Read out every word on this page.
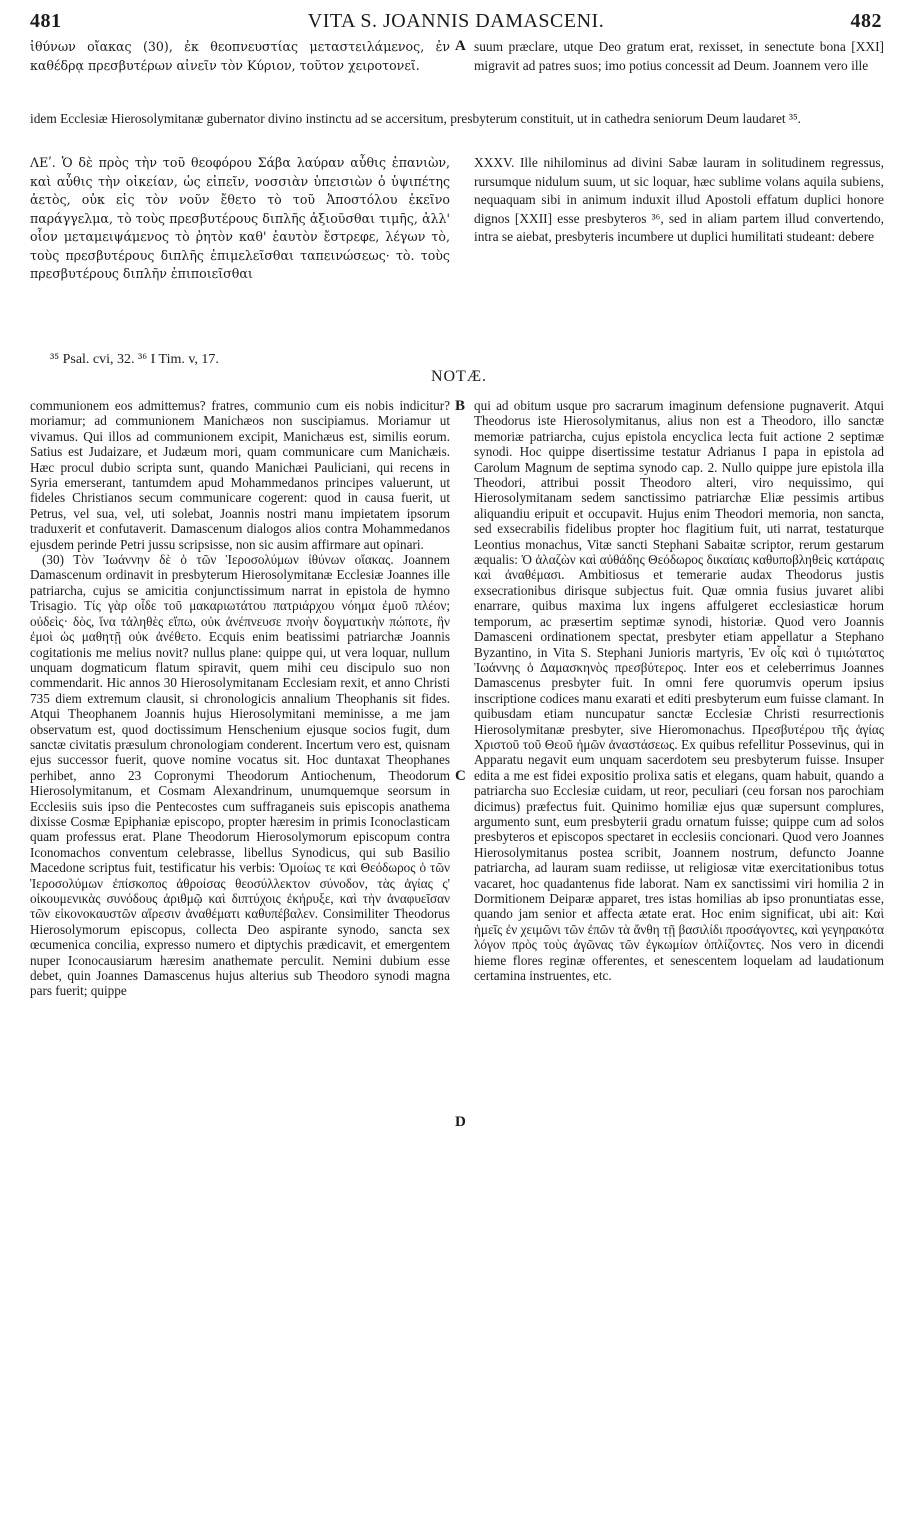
481	VITA S. JOANNIS DAMASCENI.	482
ἰθύνων οἴακας (30), ἐκ θεοπνευστίας μεταστειλάμενος, ἐν καθέδρᾳ πρεσβυτέρων αἰνεῖν τὸν Κύριον, τοῦτον χειροτονεῖ.
A suum præclare, utque Deo gratum erat, rexisset, in senectute bona [XXI] migravit ad patres suos; imo potius concessit ad Deum. Joannem vero ille
idem Ecclesiæ Hierosolymitanæ gubernator divino instinctu ad se accersitum, presbyterum constituit, ut in cathedra seniorum Deum laudaret ³⁵.
ΛΕʹ. Ὁ δὲ πρὸς τὴν τοῦ θεοφόρου Σάβα λαύραν αὖθις ἐπανιὼν, καὶ αὖθις τὴν οἰκείαν, ὡς εἰπεῖν, νοσσιὰν ὑπεισιὼν ὁ ὑψιπέτης ἀετὸς, οὐκ εἰς τὸν νοῦν ἔθετο τὸ τοῦ Ἀποστόλου ἐκεῖνο παράγγελμα, τὸ τοὺς πρεσβυτέρους διπλῆς ἀξιοῦσθαι τιμῆς, ἀλλ' οἷον μεταμειψάμενος τὸ ῥητὸν καθ' ἑαυτὸν ἔστρεφε, λέγων τὸ, τοὺς πρεσβυτέρους διπλῆς ἐπιμελεῖσθαι ταπεινώσεως· τὸ. τοὺς πρεσβυτέρους διπλῆν ἐπιποιεῖσθαι
XXXV. Ille nihilominus ad divini Sabæ lauram in solitudinem regressus, rursumque nidulum suum, ut sic loquar, hæc sublime volans aquila subiens, nequaquam sibi in animum induxit illud Apostoli effatum duplici honore dignos [XXII] esse presbyteros ³⁶, sed in aliam partem illud convertendo, intra se aiebat, presbyteris incumbere ut duplici humilitati studeant: debere
³⁵ Psal. cvi, 32. ³⁶ I Tim. v, 17.
NOTÆ.
communionem eos admittemus? fratres, communio cum eis nobis indicitur? moriamur; ad communionem Manichæos non suscipiamus. Moriamur ut vivamus. Qui illos ad communionem excipit, Manichæus est, similis eorum. Satius est Judaizare, et Judæum mori, quam communicare cum Manichæis. Hæc procul dubio scripta sunt, quando Manichæi Pauliciani, qui recens in Syria emerserant, tantumdem apud Mohammedanos principes valuerunt, ut fideles Christianos secum communicare cogerent: quod in causa fuerit, ut Petrus, vel sua, vel, uti solebat, Joannis nostri manu impietatem ipsorum traduxerit et confutaverit. Damascenum dialogos alios contra Mohammedanos ejusdem perinde Petri jussu scripsisse, non sic ausim affirmare aut opinari.
(30) Τὸν Ἰωάννην δὲ ὁ τῶν Ἱεροσολύμων ἰθύνων οἴακας. Joannem Damascenum ordinavit in presbyterum Hierosolymitanæ Ecclesiæ Joannes ille patriarcha, cujus se amicitia conjunctissimum narrat in epistola de hymno Trisagio. Τίς γὰρ οἶδε τοῦ μακαριωτάτου πατριάρχου νόημα ἐμοῦ πλέον; οὐδεὶς· δὸς, ἵνα τἀληθὲς εἴπω, οὐκ ἀνέπνευσε πνοὴν δογματικὴν πώποτε, ἣν ἐμοὶ ὡς μαθητῇ οὐκ ἀνέθετο. Ecquis enim beatissimi patriarchæ Joannis cogitationis me melius novit? nullus plane: quippe qui, ut vera loquar, nullum unquam dogmaticum flatum spiravit, quem mihi ceu discipulo suo non commendarit. Hic annos 30 Hierosolymitanam Ecclesiam rexit, et anno Christi 735 diem extremum clausit, si chronologicis annalium Theophanis sit fides. Atqui Theophanem Joannis hujus Hierosolymitani meminisse, a me jam observatum est, quod doctissimum Henschenium ejusque socios fugit, dum sanctæ civitatis præsulum chronologiam conderent. Incertum vero est, quisnam ejus successor fuerit, quove nomine vocatus sit. Hoc duntaxat Theophanes perhibet, anno 23 Copronymi Theodorum Antiochenum, Theodorum Hierosolymitanum, et Cosmam Alexandrinum, unumquemque seorsum in Ecclesiis suis ipso die Pentecostes cum suffraganeis suis episcopis anathema dixisse Cosmæ Epiphaniæ episcopo, propter hæresim in primis Iconoclasticam quam professus erat. Plane Theodorum Hierosolymorum episcopum contra Iconomachos conventum celebrasse, libellus Synodicus, qui sub Basilio Macedone scriptus fuit, testificatur his verbis: Ὁμοίως τε καὶ Θεόδωρος ὁ τῶν Ἱεροσολύμων ἐπίσκοπος ἀθροίσας θεοσύλλεκτον σύνοδον, τὰς ἁγίας ς' οἰκουμενικὰς συνόδους ἀριθμῷ καὶ διπτύχοις ἐκήρυξε, καὶ τὴν ἀναφυεῖσαν τῶν εἰκονοκαυστῶν αἵρεσιν ἀναθέματι καθυπέβαλεν. Consimiliter Theodorus Hierosolymorum episcopus, collecta Deo aspirante synodo, sancta sex œcumenica concilia, expresso numero et diptychis prædicavit, et emergentem nuper Iconocausiarum hæresim anathemate perculit. Nemini dubium esse debet, quin Joannes Damascenus hujus alterius sub Theodoro synodi magna pars fuerit; quippe
B
C
D
qui ad obitum usque pro sacrarum imaginum defensione pugnaverit. Atqui Theodorus iste Hierosolymitanus, alius non est a Theodoro, illo sanctæ memoriæ patriarcha, cujus epistola encyclica lecta fuit actione 2 septimæ synodi. Hoc quippe disertissime testatur Adrianus I papa in epistola ad Carolum Magnum de septima synodo cap. 2. Nullo quippe jure epistola illa Theodori, attribui possit Theodoro alteri, viro nequissimo, qui Hierosolymitanam sedem sanctissimo patriarchæ Eliæ pessimis artibus aliquandiu eripuit et occupavit. Hujus enim Theodori memoria, non sancta, sed exsecrabilis fidelibus propter hoc flagitium fuit, uti narrat, testaturque Leontius monachus, Vitæ sancti Stephani Sabaitæ scriptor, rerum gestarum æqualis: Ὁ ἀλαζὼν καὶ αὐθάδης Θεόδωρος δικαίαις καθυποβληθεὶς κατάραις καὶ ἀναθέμασι. Ambitiosus et temerarie audax Theodorus justis exsecrationibus dirisque subjectus fuit. Quæ omnia fusius juvaret alibi enarrare, quibus maxima lux ingens affulgeret ecclesiasticæ horum temporum, ac præsertim septimæ synodi, historiæ. Quod vero Joannis Damasceni ordinationem spectat, presbyter etiam appellatur a Stephano Byzantino, in Vita S. Stephani Junioris martyris, Ἐν οἷς καὶ ὁ τιμιώτατος Ἰωάννης ὁ Δαμασκηνὸς πρεσβύτερος. Inter eos et celeberrimus Joannes Damascenus presbyter fuit. In omni fere quorumvis operum ipsius inscriptione codices manu exarati et editi presbyterum eum fuisse clamant. In quibusdam etiam nuncupatur sanctæ Ecclesiæ Christi resurrectionis Hierosolymitanæ presbyter, sive Hieromonachus. Πρεσβυτέρου τῆς ἁγίας Χριστοῦ τοῦ Θεοῦ ἡμῶν ἀναστάσεως. Ex quibus refellitur Possevinus, qui in Apparatu negavit eum unquam sacerdotem seu presbyterum fuisse. Insuper edita a me est fidei expositio prolixa satis et elegans, quam habuit, quando a patriarcha suo Ecclesiæ cuidam, ut reor, peculiari (ceu forsan nos parochiam dicimus) præfectus fuit. Quinimo homiliæ ejus quæ supersunt complures, argumento sunt, eum presbyterii gradu ornatum fuisse; quippe cum ad solos presbyteros et episcopos spectaret in ecclesiis concionari. Quod vero Joannes Hierosolymitanus postea scribit, Joannem nostrum, defuncto Joanne patriarcha, ad lauram suam rediisse, ut religiosæ vitæ exercitationibus totus vacaret, hoc quadantenus fide laborat. Nam ex sanctissimi viri homilia 2 in Dormitionem Deiparæ apparet, tres istas homilias ab ipso pronuntiatas esse, quando jam senior et affecta ætate erat. Hoc enim significat, ubi ait: Καὶ ἡμεῖς ἐν χειμῶνι τῶν ἐπῶν τὰ ἄνθη τῇ βασιλίδι προσάγοντες, καὶ γεγηρακότα λόγον πρὸς τοὺς ἀγῶνας τῶν ἐγκωμίων ὁπλίζοντες. Nos vero in dicendi hieme flores reginæ offerentes, et senescentem loquelam ad laudationum certamina instruentes, etc.
